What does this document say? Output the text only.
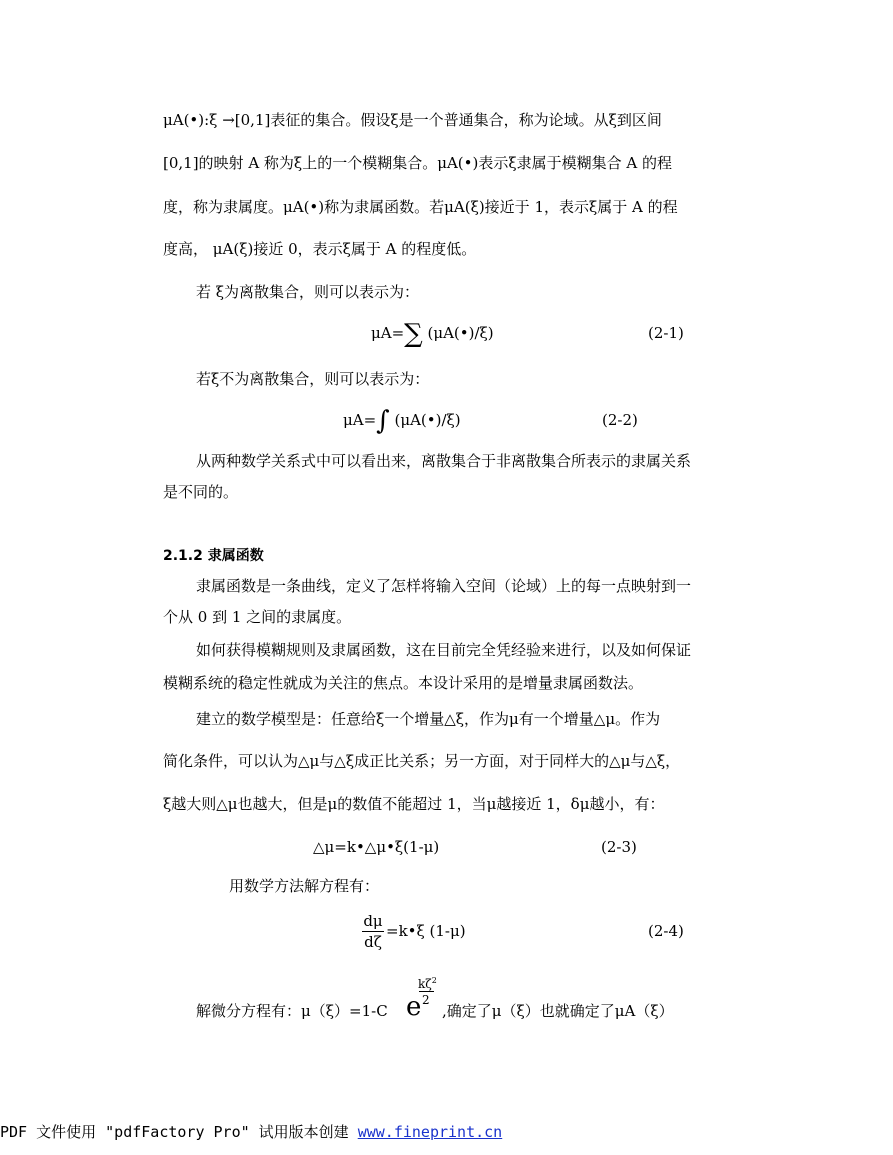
μA(•):ξ →[0,1]表征的集合。假设ξ是一个普通集合，称为论域。从ξ到区间
[0,1]的映射 A 称为ξ上的一个模糊集合。μA(•)表示ξ隶属于模糊集合 A 的程
度，称为隶属度。μA(•)称为隶属函数。若μA(ξ)接近于 1，表示ξ属于 A 的程
度高， μA(ξ)接近 0，表示ξ属于 A 的程度低。
若 ξ为离散集合，则可以表示为：
μA=∑ (μA(•)/ξ)	(2-1)
若ξ不为离散集合，则可以表示为：
μA=∫ (μA(•)/ξ)	(2-2)
从两种数学关系式中可以看出来，离散集合于非离散集合所表示的隶属关系
是不同的。
2.1.2 隶属函数
隶属函数是一条曲线，定义了怎样将输入空间（论域）上的每一点映射到一
个从 0 到 1 之间的隶属度。
如何获得模糊规则及隶属函数，这在目前完全凭经验来进行，以及如何保证
模糊系统的稳定性就成为关注的焦点。本设计采用的是增量隶属函数法。
建立的数学模型是：任意给ξ一个增量△ξ，作为μ有一个增量△μ。作为
简化条件，可以认为△μ与△ξ成正比关系；另一方面，对于同样大的△μ与△ξ，
ξ越大则△μ也越大，但是μ的数值不能超过 1，当μ越接近 1，δμ越小，有：
△μ=k•△μ•ξ(1-μ)	(2-3)
用数学方法解方程有：
dμ
dζ
=k•ξ (1-μ)	(2-4)
解微分方程有：μ（ξ）=1-C e
$k\zeta^2$
2
,确定了μ（ξ）也就确定了μA（ξ）
PDF 文件使用 "pdfFactory Pro" 试用版本创建 www.fineprint.cn
